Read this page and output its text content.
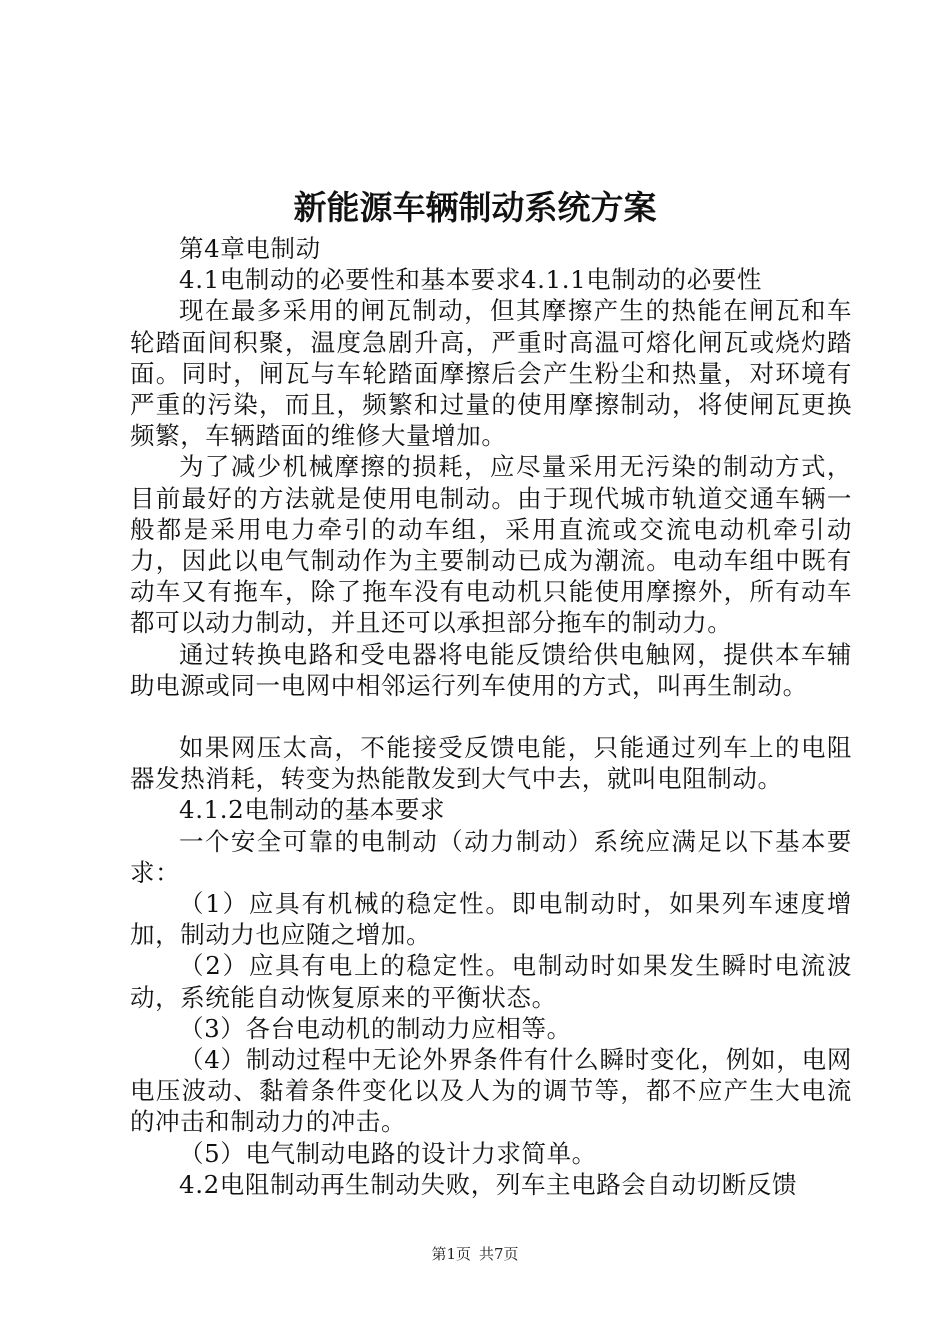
新能源车辆制动系统方案

第4章电制动

4.1电制动的必要性和基本要求4.1.1电制动的必要性

现在最多采用的闸瓦制动，但其摩擦产生的热能在闸瓦和车轮踏面间积聚，温度急剧升高，严重时高温可熔化闸瓦或烧灼踏面。同时，闸瓦与车轮踏面摩擦后会产生粉尘和热量，对环境有严重的污染，而且，频繁和过量的使用摩擦制动，将使闸瓦更换频繁，车辆踏面的维修大量增加。

为了减少机械摩擦的损耗，应尽量采用无污染的制动方式，目前最好的方法就是使用电制动。由于现代城市轨道交通车辆一般都是采用电力牵引的动车组，采用直流或交流电动机牵引动力，因此以电气制动作为主要制动已成为潮流。电动车组中既有动车又有拖车，除了拖车没有电动机只能使用摩擦外，所有动车都可以动力制动，并且还可以承担部分拖车的制动力。

通过转换电路和受电器将电能反馈给供电触网，提供本车辅助电源或同一电网中相邻运行列车使用的方式，叫再生制动。

如果网压太高，不能接受反馈电能，只能通过列车上的电阻器发热消耗，转变为热能散发到大气中去，就叫电阻制动。

4.1.2电制动的基本要求

一个安全可靠的电制动（动力制动）系统应满足以下基本要求：

（1）应具有机械的稳定性。即电制动时，如果列车速度增加，制动力也应随之增加。

（2）应具有电上的稳定性。电制动时如果发生瞬时电流波动，系统能自动恢复原来的平衡状态。

（3）各台电动机的制动力应相等。

（4）制动过程中无论外界条件有什么瞬时变化，例如，电网电压波动、黏着条件变化以及人为的调节等，都不应产生大电流的冲击和制动力的冲击。

（5）电气制动电路的设计力求简单。

4.2电阻制动再生制动失败，列车主电路会自动切断反馈

第1页 共7页
